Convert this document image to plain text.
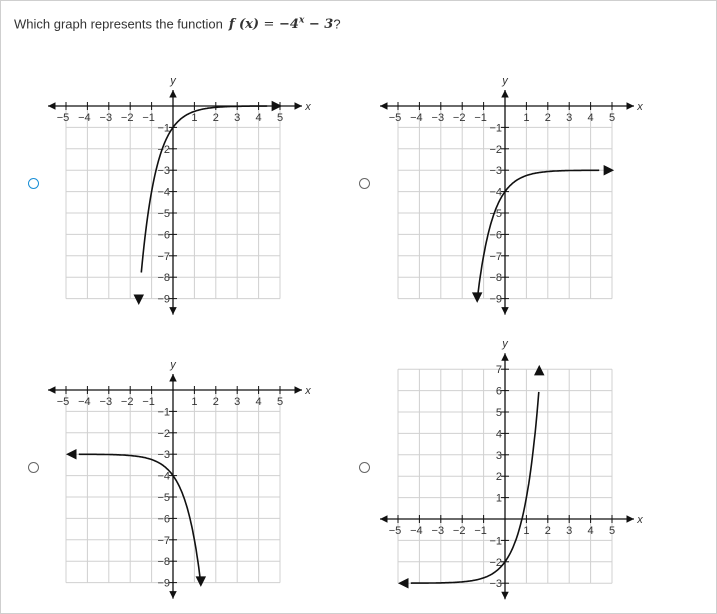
Which graph represents the function f $(x) = -4^x - 3$?
x
y
−5 −4 −3 −2 −1	1 2 3 4 5
−1
−2
−3
−4
−5
−6
−7
−8
−9
x
y
−5 −4 −3 −2 −1	1 2 3 4 5
−1
−2
−3
−4
−5
−6
−7
−8
−9
x
y
−5 −4 −3 −2 −1	1 2 3 4 5
−1
−2
−3
−4
−5
−6
−7
−8
−9
x
y
−5 −4 −3 −2 −1	1 2 3 4 5
1
2
3
4
5
6
7
−1
−2
−3
